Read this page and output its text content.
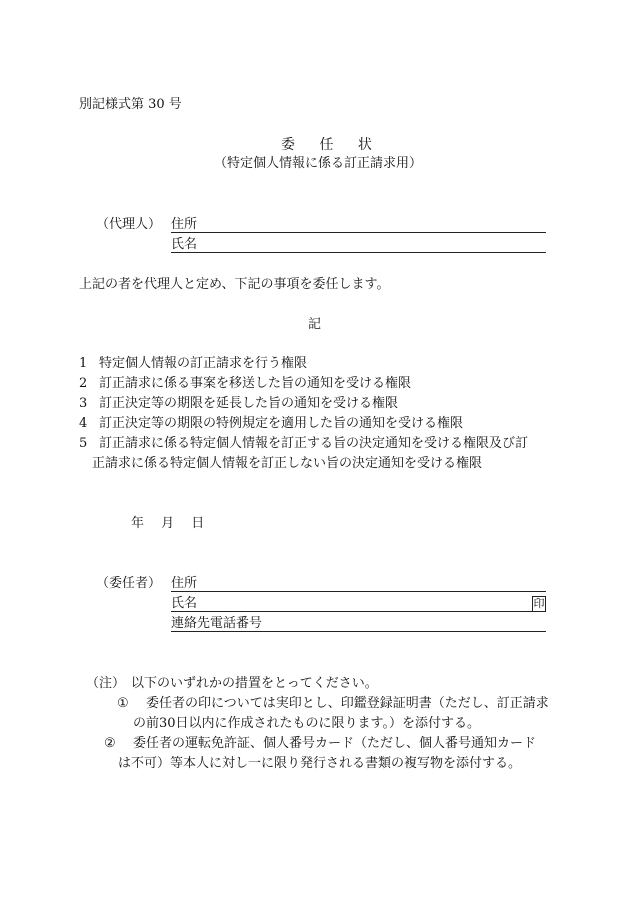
別記様式第 30 号
委 任 状
（特定個人情報に係る訂正請求用）
（代理人） 住所
氏名
上記の者を代理人と定め、下記の事項を委任します。
記
1 特定個人情報の訂正請求を行う権限
2 訂正請求に係る事案を移送した旨の通知を受ける権限
3 訂正決定等の期限を延長した旨の通知を受ける権限
4 訂正決定等の期限の特例規定を適用した旨の通知を受ける権限
5 訂正請求に係る特定個人情報を訂正する旨の決定通知を受ける権限及び訂
正請求に係る特定個人情報を訂正しない旨の決定通知を受ける権限
年　 月　 日
（委任者） 住所
氏名	印
連絡先電話番号
（注） 以下のいずれかの措置をとってください。
① 委任者の印については実印とし、印鑑登録証明書（ただし、訂正請求
の前30日以内に作成されたものに限ります。）を添付する。
② 委任者の運転免許証、個人番号カード（ただし、個人番号通知カード
は不可）等本人に対し一に限り発行される書類の複写物を添付する。
